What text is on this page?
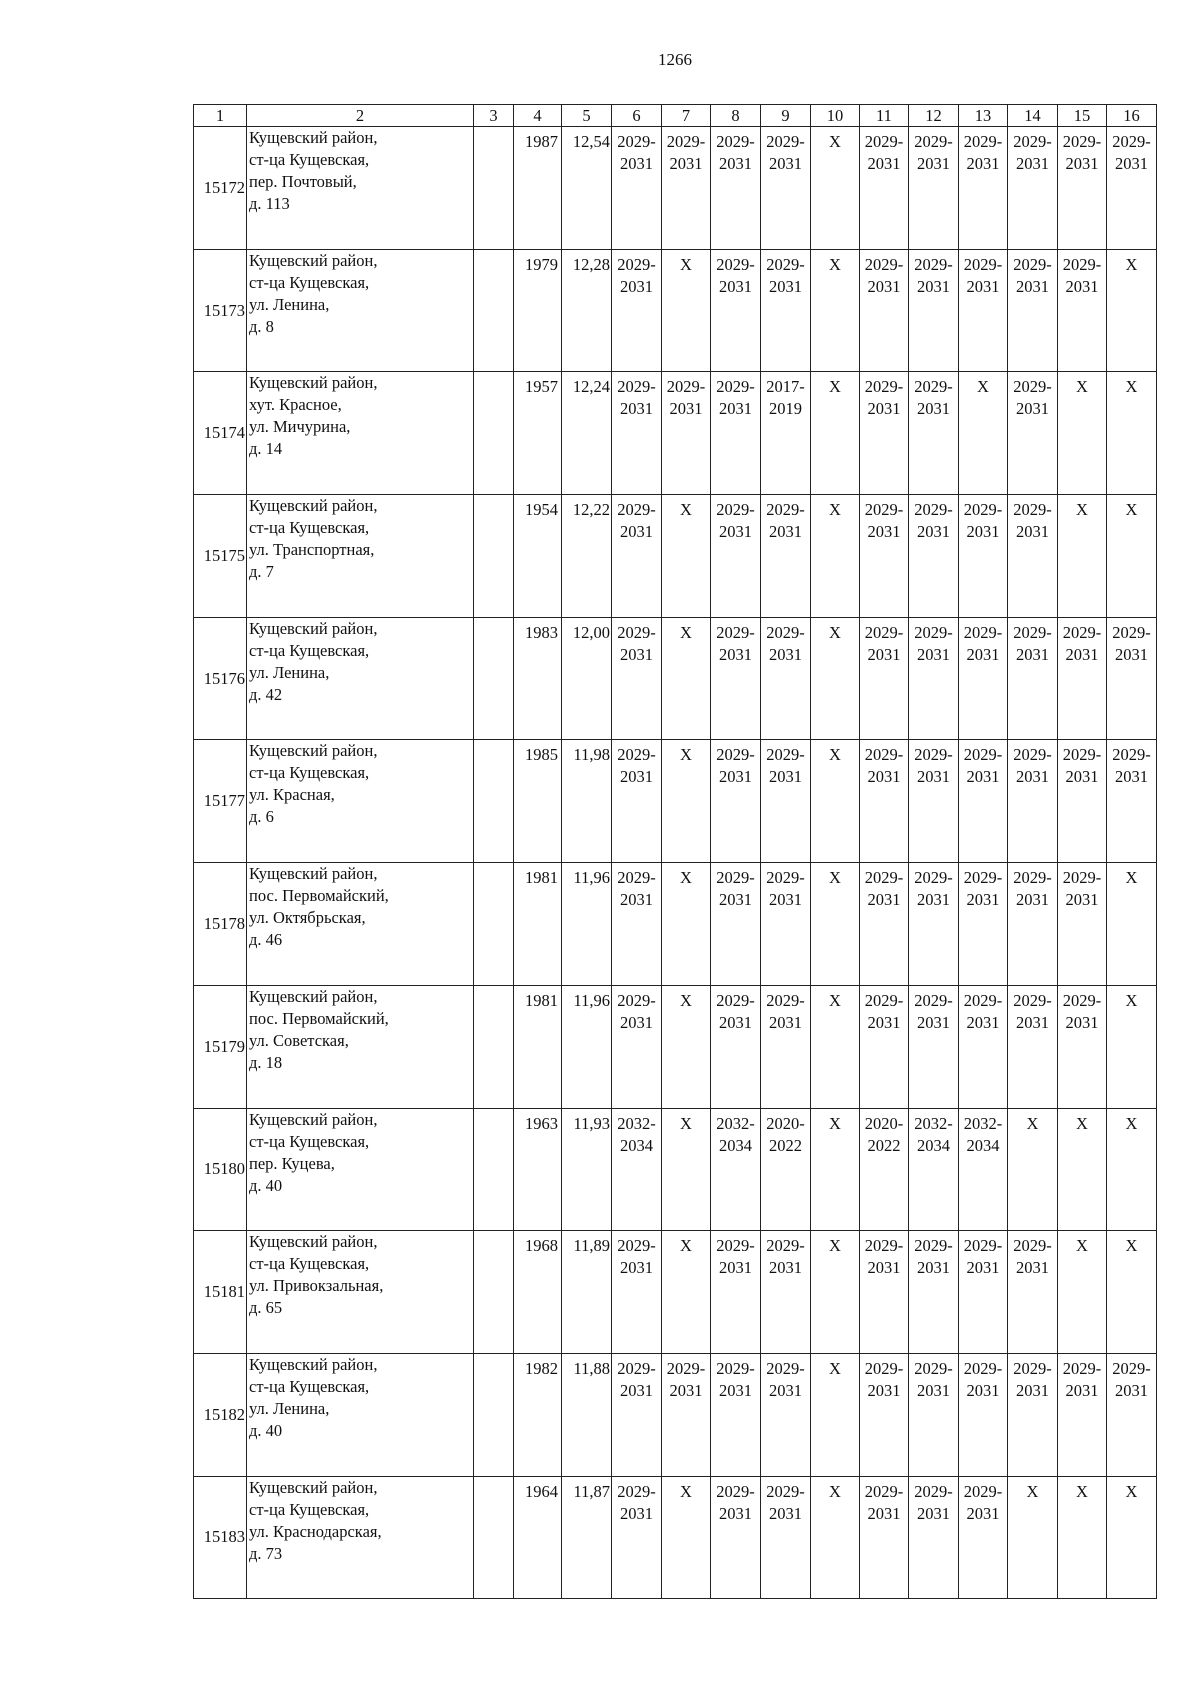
1266
1	2	3	4	5	6	7	8	9	10	11	12	13	14	15	16
15172	Кущевский район,
ст-ца Кущевская,
пер. Почтовый,
д. 113		1987	12,54	2029-
2031	2029-
2031	2029-
2031	2029-
2031	X	2029-
2031	2029-
2031	2029-
2031	2029-
2031	2029-
2031	2029-
2031
15173	Кущевский район,
ст-ца Кущевская,
ул. Ленина,
д. 8		1979	12,28	2029-
2031	X	2029-
2031	2029-
2031	X	2029-
2031	2029-
2031	2029-
2031	2029-
2031	2029-
2031	X
15174	Кущевский район,
хут. Красное,
ул. Мичурина,
д. 14		1957	12,24	2029-
2031	2029-
2031	2029-
2031	2017-
2019	X	2029-
2031	2029-
2031	X	2029-
2031	X	X
15175	Кущевский район,
ст-ца Кущевская,
ул. Транспортная,
д. 7		1954	12,22	2029-
2031	X	2029-
2031	2029-
2031	X	2029-
2031	2029-
2031	2029-
2031	2029-
2031	X	X
15176	Кущевский район,
ст-ца Кущевская,
ул. Ленина,
д. 42		1983	12,00	2029-
2031	X	2029-
2031	2029-
2031	X	2029-
2031	2029-
2031	2029-
2031	2029-
2031	2029-
2031	2029-
2031
15177	Кущевский район,
ст-ца Кущевская,
ул. Красная,
д. 6		1985	11,98	2029-
2031	X	2029-
2031	2029-
2031	X	2029-
2031	2029-
2031	2029-
2031	2029-
2031	2029-
2031	2029-
2031
15178	Кущевский район,
пос. Первомайский,
ул. Октябрьская,
д. 46		1981	11,96	2029-
2031	X	2029-
2031	2029-
2031	X	2029-
2031	2029-
2031	2029-
2031	2029-
2031	2029-
2031	X
15179	Кущевский район,
пос. Первомайский,
ул. Советская,
д. 18		1981	11,96	2029-
2031	X	2029-
2031	2029-
2031	X	2029-
2031	2029-
2031	2029-
2031	2029-
2031	2029-
2031	X
15180	Кущевский район,
ст-ца Кущевская,
пер. Куцева,
д. 40		1963	11,93	2032-
2034	X	2032-
2034	2020-
2022	X	2020-
2022	2032-
2034	2032-
2034	X	X	X
15181	Кущевский район,
ст-ца Кущевская,
ул. Привокзальная,
д. 65		1968	11,89	2029-
2031	X	2029-
2031	2029-
2031	X	2029-
2031	2029-
2031	2029-
2031	2029-
2031	X	X
15182	Кущевский район,
ст-ца Кущевская,
ул. Ленина,
д. 40		1982	11,88	2029-
2031	2029-
2031	2029-
2031	2029-
2031	X	2029-
2031	2029-
2031	2029-
2031	2029-
2031	2029-
2031	2029-
2031
15183	Кущевский район,
ст-ца Кущевская,
ул. Краснодарская,
д. 73		1964	11,87	2029-
2031	X	2029-
2031	2029-
2031	X	2029-
2031	2029-
2031	2029-
2031	X	X	X
